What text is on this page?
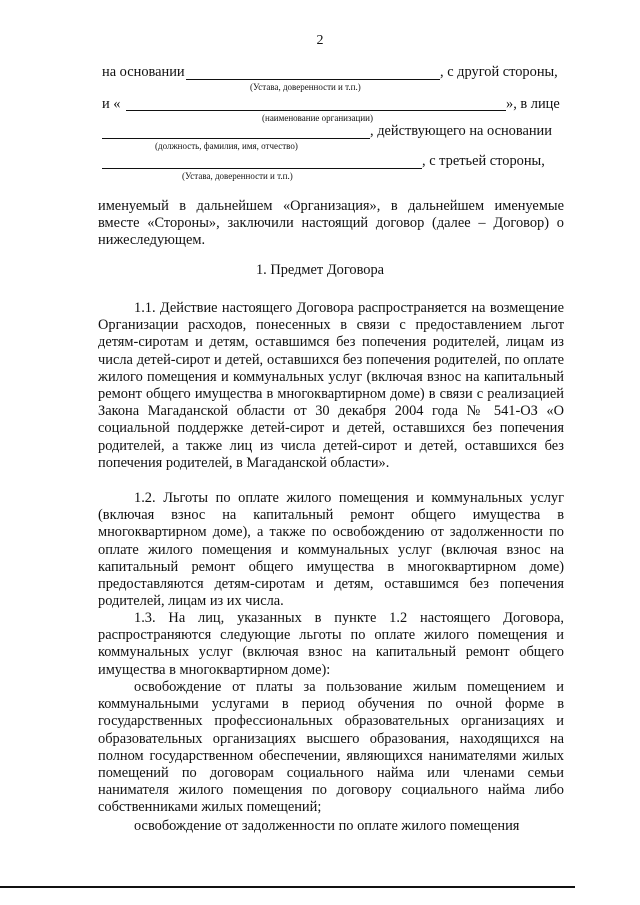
2
на основании	, с другой стороны,
(Устава, доверенности и т.п.)
и «	», в лице
(наименование организации)
, действующего на основании
(должность, фамилия, имя, отчество)
, с третьей стороны,
(Устава, доверенности и т.п.)

именуемый в дальнейшем «Организация», в дальнейшем именуемые вместе «Стороны», заключили настоящий договор (далее – Договор) о нижеследующем.

1. Предмет Договора

1.1. Действие настоящего Договора распространяется на возмещение Организации расходов, понесенных в связи с предоставлением льгот детям-сиротам и детям, оставшимся без попечения родителей, лицам из числа детей-сирот и детей, оставшихся без попечения родителей, по оплате жилого помещения и коммунальных услуг (включая взнос на капитальный ремонт общего имущества в многоквартирном доме) в связи с реализацией Закона Магаданской области от 30 декабря 2004 года № 541-ОЗ «О социальной поддержке детей-сирот и детей, оставшихся без попечения родителей, а также лиц из числа детей-сирот и детей, оставшихся без попечения родителей, в Магаданской области».

1.2. Льготы по оплате жилого помещения и коммунальных услуг (включая взнос на капитальный ремонт общего имущества в многоквартирном доме), а также по освобождению от задолженности по оплате жилого помещения и коммунальных услуг (включая взнос на капитальный ремонт общего имущества в многоквартирном доме) предоставляются детям-сиротам и детям, оставшимся без попечения родителей, лицам из их числа.

1.3. На лиц, указанных в пункте 1.2 настоящего Договора, распространяются следующие льготы по оплате жилого помещения и коммунальных услуг (включая взнос на капитальный ремонт общего имущества в многоквартирном доме):

освобождение от платы за пользование жилым помещением и коммунальными услугами в период обучения по очной форме в государственных профессиональных образовательных организациях и образовательных организациях высшего образования, находящихся на полном государственном обеспечении, являющихся нанимателями жилых помещений по договорам социального найма или членами семьи нанимателя жилого помещения по договору социального найма либо собственниками жилых помещений;

освобождение от задолженности по оплате жилого помещения
